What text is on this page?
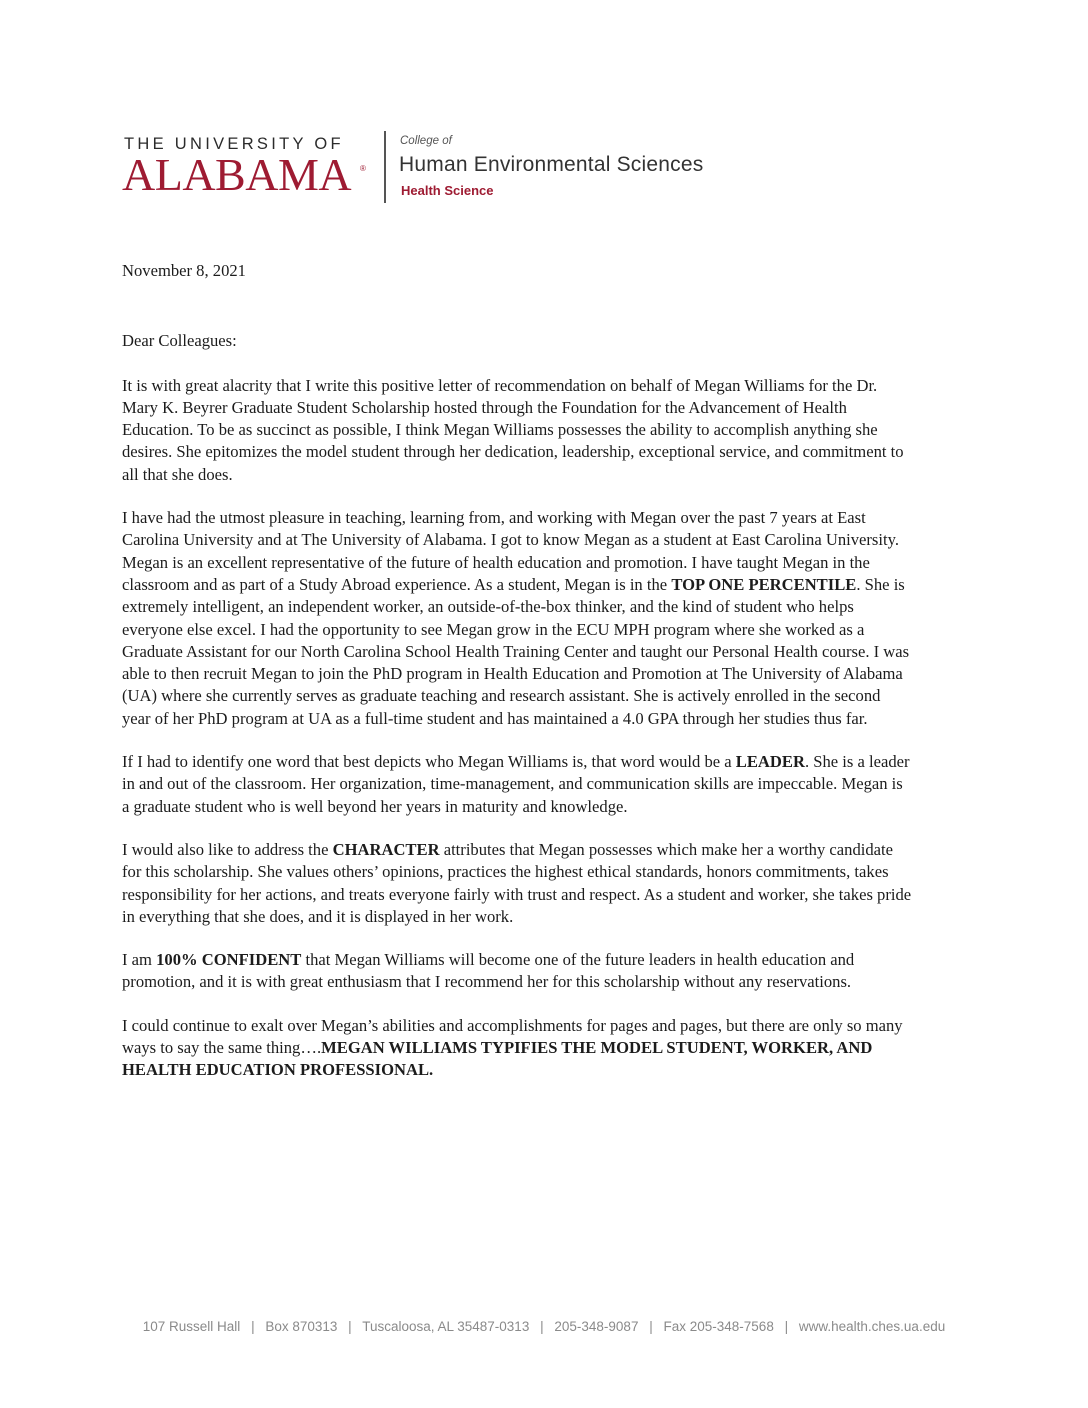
THE UNIVERSITY OF
ALABAMA ®
College of
Human Environmental Sciences
Health Science

November 8, 2021

Dear Colleagues:

It is with great alacrity that I write this positive letter of recommendation on behalf of Megan Williams for the Dr. Mary K. Beyrer Graduate Student Scholarship hosted through the Foundation for the Advancement of Health Education. To be as succinct as possible, I think Megan Williams possesses the ability to accomplish anything she desires. She epitomizes the model student through her dedication, leadership, exceptional service, and commitment to all that she does.

I have had the utmost pleasure in teaching, learning from, and working with Megan over the past 7 years at East Carolina University and at The University of Alabama. I got to know Megan as a student at East Carolina University. Megan is an excellent representative of the future of health education and promotion. I have taught Megan in the classroom and as part of a Study Abroad experience. As a student, Megan is in the TOP ONE PERCENTILE. She is extremely intelligent, an independent worker, an outside-of-the-box thinker, and the kind of student who helps everyone else excel. I had the opportunity to see Megan grow in the ECU MPH program where she worked as a Graduate Assistant for our North Carolina School Health Training Center and taught our Personal Health course. I was able to then recruit Megan to join the PhD program in Health Education and Promotion at The University of Alabama (UA) where she currently serves as graduate teaching and research assistant. She is actively enrolled in the second year of her PhD program at UA as a full-time student and has maintained a 4.0 GPA through her studies thus far.

If I had to identify one word that best depicts who Megan Williams is, that word would be a LEADER. She is a leader in and out of the classroom. Her organization, time-management, and communication skills are impeccable. Megan is a graduate student who is well beyond her years in maturity and knowledge.

I would also like to address the CHARACTER attributes that Megan possesses which make her a worthy candidate for this scholarship. She values others’ opinions, practices the highest ethical standards, honors commitments, takes responsibility for her actions, and treats everyone fairly with trust and respect. As a student and worker, she takes pride in everything that she does, and it is displayed in her work.

I am 100% CONFIDENT that Megan Williams will become one of the future leaders in health education and promotion, and it is with great enthusiasm that I recommend her for this scholarship without any reservations.

I could continue to exalt over Megan’s abilities and accomplishments for pages and pages, but there are only so many ways to say the same thing….MEGAN WILLIAMS TYPIFIES THE MODEL STUDENT, WORKER, AND HEALTH EDUCATION PROFESSIONAL.

107 Russell Hall | Box 870313 | Tuscaloosa, AL 35487-0313 | 205-348-9087 | Fax 205-348-7568 | www.health.ches.ua.edu
